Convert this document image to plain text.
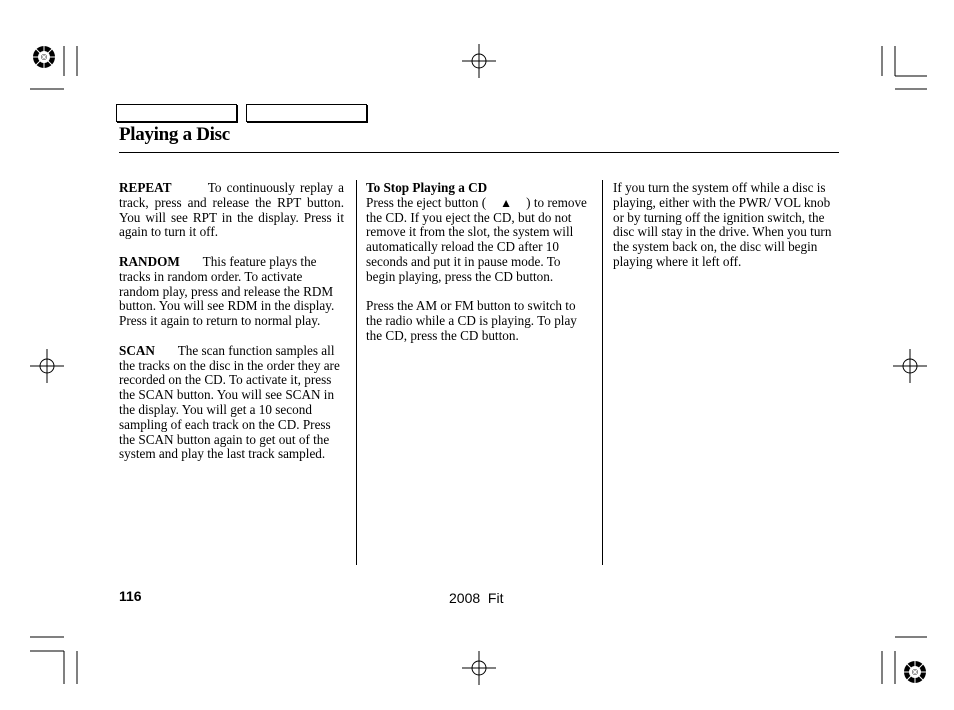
Playing a Disc

REPEAT	To continuously replay a track, press and release the RPT button. You will see RPT in the display. Press it again to turn it off.

RANDOM This feature plays the tracks in random order. To activate random play, press and release the RDM button. You will see RDM in the display. Press it again to return to normal play.

SCAN The scan function samples all the tracks on the disc in the order they are recorded on the CD. To activate it, press the SCAN button. You will see SCAN in the display. You will get a 10 second sampling of each track on the CD. Press the SCAN button again to get out of the system and play the last track sampled.

To Stop Playing a CD
Press the eject button ( ▲ ) to remove the CD. If you eject the CD, but do not remove it from the slot, the system will automatically reload the CD after 10 seconds and put it in pause mode. To begin playing, press the CD button.

Press the AM or FM button to switch to the radio while a CD is playing. To play the CD, press the CD button.

If you turn the system off while a disc is playing, either with the PWR/ VOL knob or by turning off the ignition switch, the disc will stay in the drive. When you turn the system back on, the disc will begin playing where it left off.

116	2008  Fit
